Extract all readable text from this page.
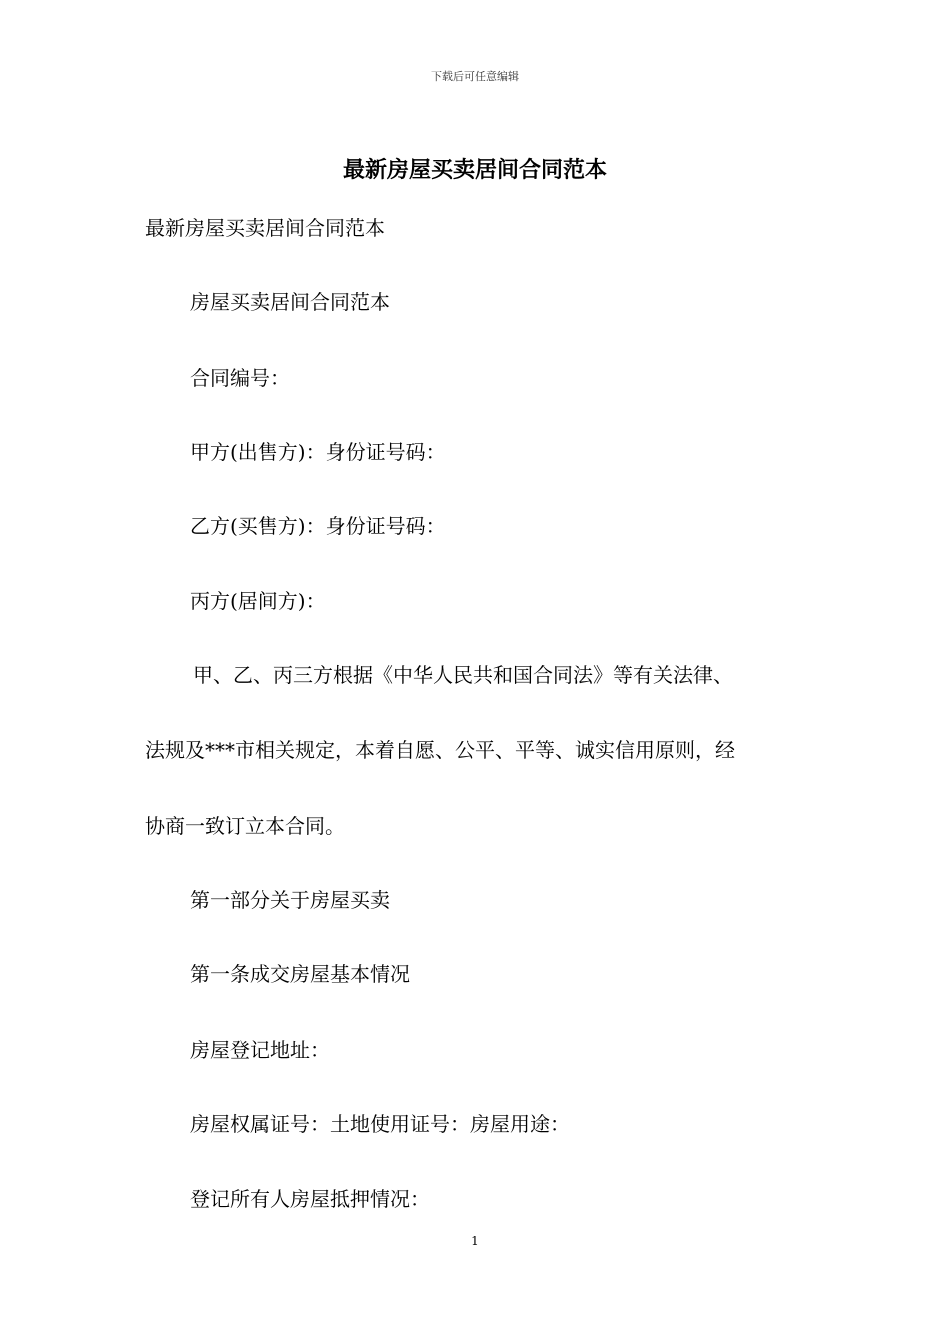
下载后可任意编辑
最新房屋买卖居间合同范本
最新房屋买卖居间合同范本
房屋买卖居间合同范本
合同编号：
甲方(出售方)：身份证号码：
乙方(买售方)：身份证号码：
丙方(居间方)：
甲、乙、丙三方根据《中华人民共和国合同法》等有关法律、
法规及***市相关规定，本着自愿、公平、平等、诚实信用原则，经
协商一致订立本合同。
第一部分关于房屋买卖
第一条成交房屋基本情况
房屋登记地址：
房屋权属证号：土地使用证号：房屋用途：
登记所有人房屋抵押情况：
1
